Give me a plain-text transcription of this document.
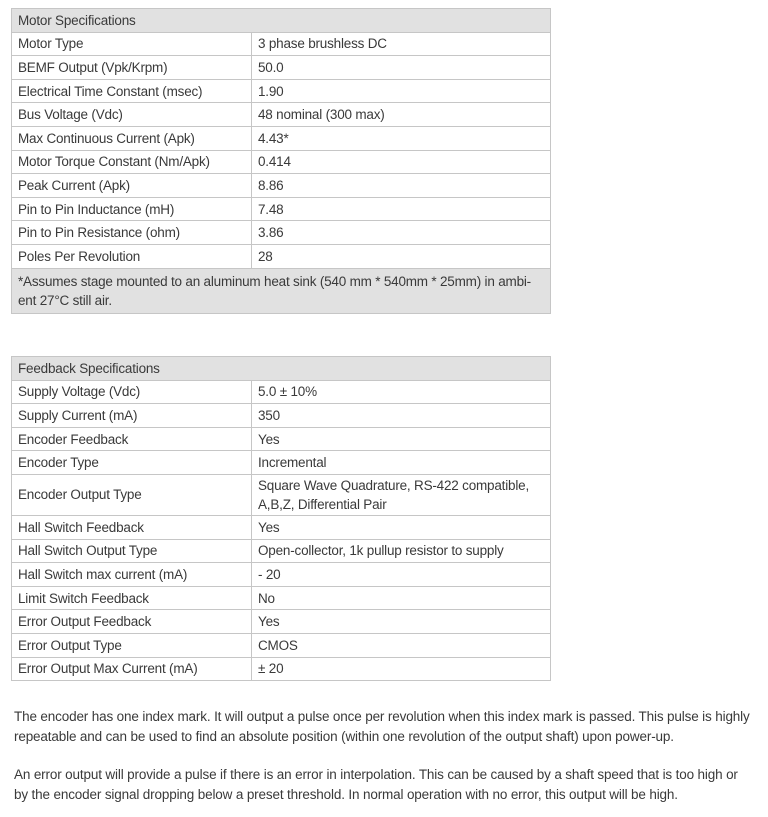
Motor Specifications	
Motor Type	3 phase brushless DC
BEMF Output (Vpk/Krpm)	50.0
Electrical Time Constant (msec)	1.90
Bus Voltage (Vdc)	48 nominal (300 max)
Max Continuous Current (Apk)	4.43*
Motor Torque Constant (Nm/Apk)	0.414
Peak Current (Apk)	8.86
Pin to Pin Inductance (mH)	7.48
Pin to Pin Resistance (ohm)	3.86
Poles Per Revolution	28
*Assumes stage mounted to an aluminum heat sink (540 mm * 540mm * 25mm) in ambi-ent 27°C still air.	
Feedback Specifications	
Supply Voltage (Vdc)	5.0 ± 10%
Supply Current (mA)	350
Encoder Feedback	Yes
Encoder Type	Incremental
Encoder Output Type	Square Wave Quadrature, RS-422 compatible, A,B,Z, Differential Pair
Hall Switch Feedback	Yes
Hall Switch Output Type	Open-collector, 1k pullup resistor to supply
Hall Switch max current (mA)	- 20
Limit Switch Feedback	No
Error Output Feedback	Yes
Error Output Type	CMOS
Error Output Max Current (mA)	± 20

The encoder has one index mark. It will output a pulse once per revolution when this index mark is passed. This pulse is highly repeatable and can be used to find an absolute position (within one revolution of the output shaft) upon power-up.

An error output will provide a pulse if there is an error in interpolation. This can be caused by a shaft speed that is too high or by the encoder signal dropping below a preset threshold. In normal operation with no error, this output will be high.
